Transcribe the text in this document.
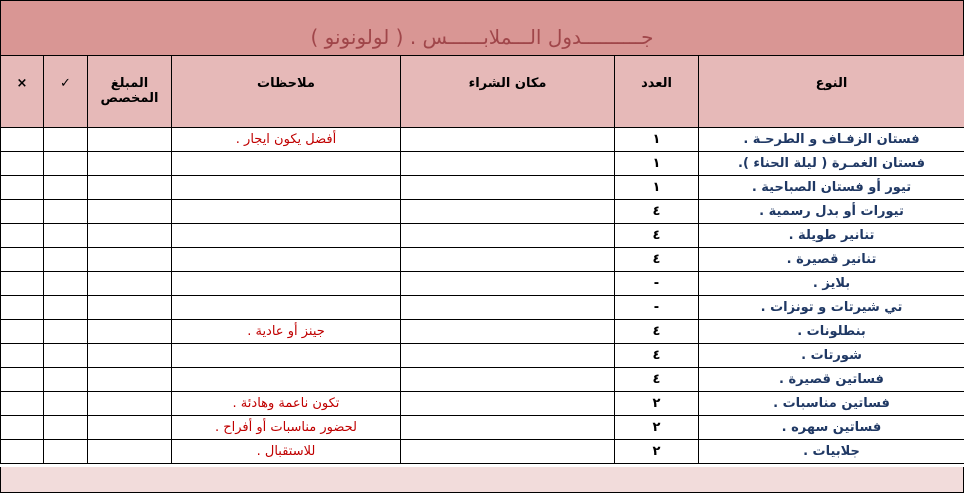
جــــــــــدول الـــملابــــــس . ( لولونونو )
النوع	العدد	مكان الشراء	ملاحظات	المبلغ المخصص	✓	×
فستان الزفـاف و الطرحـة .	١		أفضل يكون ايجار .			
فستان الغمـرة ( ليلة الحناء ).	١					
تيور أو فستان الصباحية .	١					
تيورات أو بدل رسمية .	٤					
تنانير طويلة .	٤					
تنانير قصيرة .	٤					
بلايز .	-					
تي شيرتات و تونزات .	-					
بنطلونات .	٤		جينز أو عادية .			
شورتات .	٤					
فساتين قصيرة .	٤					
فساتين مناسبات .	٢		تكون ناعمة وهادئة .			
فساتين سهره .	٢		لحضور مناسبات أو أفراح .			
جلابيات .	٢		للاستقبال .			
